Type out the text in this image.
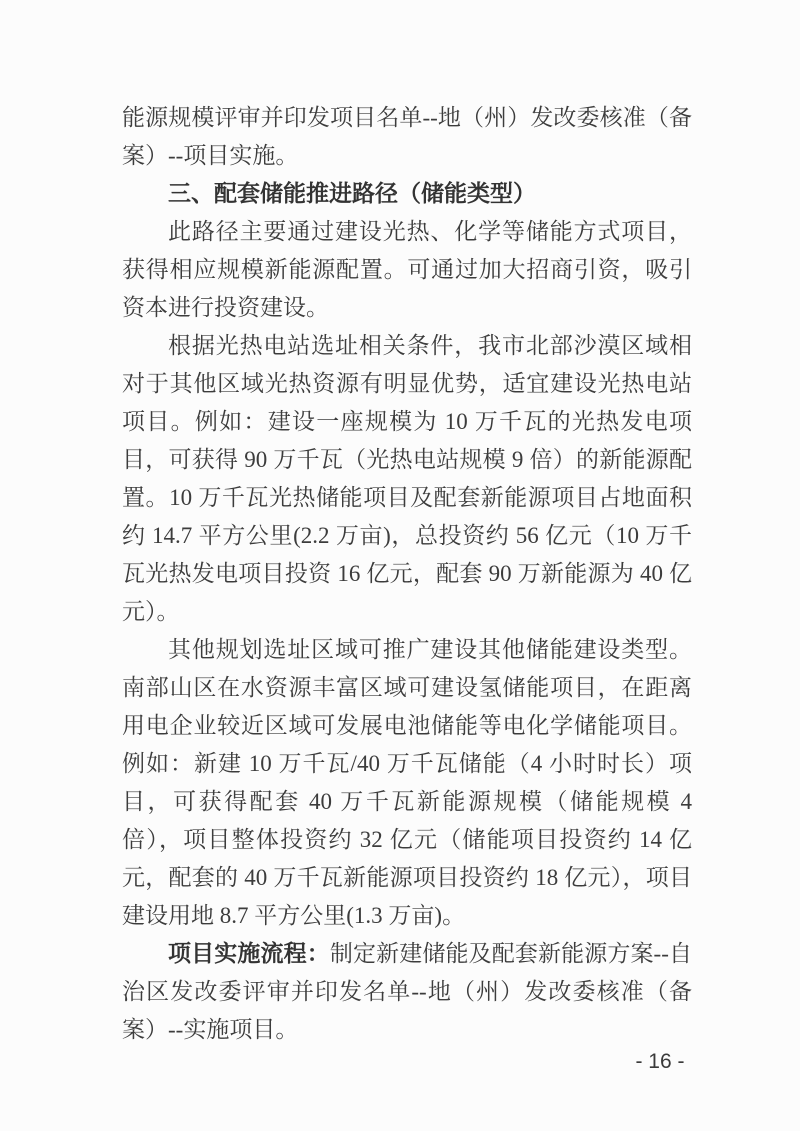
能源规模评审并印发项目名单--地（州）发改委核准（备案）--项目实施。

三、配套储能推进路径（储能类型）

此路径主要通过建设光热、化学等储能方式项目，获得相应规模新能源配置。可通过加大招商引资，吸引资本进行投资建设。

根据光热电站选址相关条件，我市北部沙漠区域相对于其他区域光热资源有明显优势，适宜建设光热电站项目。例如：建设一座规模为 10 万千瓦的光热发电项目，可获得 90 万千瓦（光热电站规模 9 倍）的新能源配置。10 万千瓦光热储能项目及配套新能源项目占地面积约 14.7 平方公里(2.2 万亩)，总投资约 56 亿元（10 万千瓦光热发电项目投资 16 亿元，配套 90 万新能源为 40 亿元）。

其他规划选址区域可推广建设其他储能建设类型。南部山区在水资源丰富区域可建设氢储能项目，在距离用电企业较近区域可发展电池储能等电化学储能项目。例如：新建 10 万千瓦/40 万千瓦储能（4 小时时长）项目，可获得配套 40 万千瓦新能源规模（储能规模 4 倍），项目整体投资约 32 亿元（储能项目投资约 14 亿元，配套的 40 万千瓦新能源项目投资约 18 亿元），项目建设用地 8.7 平方公里(1.3 万亩)。

项目实施流程：制定新建储能及配套新能源方案--自治区发改委评审并印发名单--地（州）发改委核准（备案）--实施项目。

- 16 -
